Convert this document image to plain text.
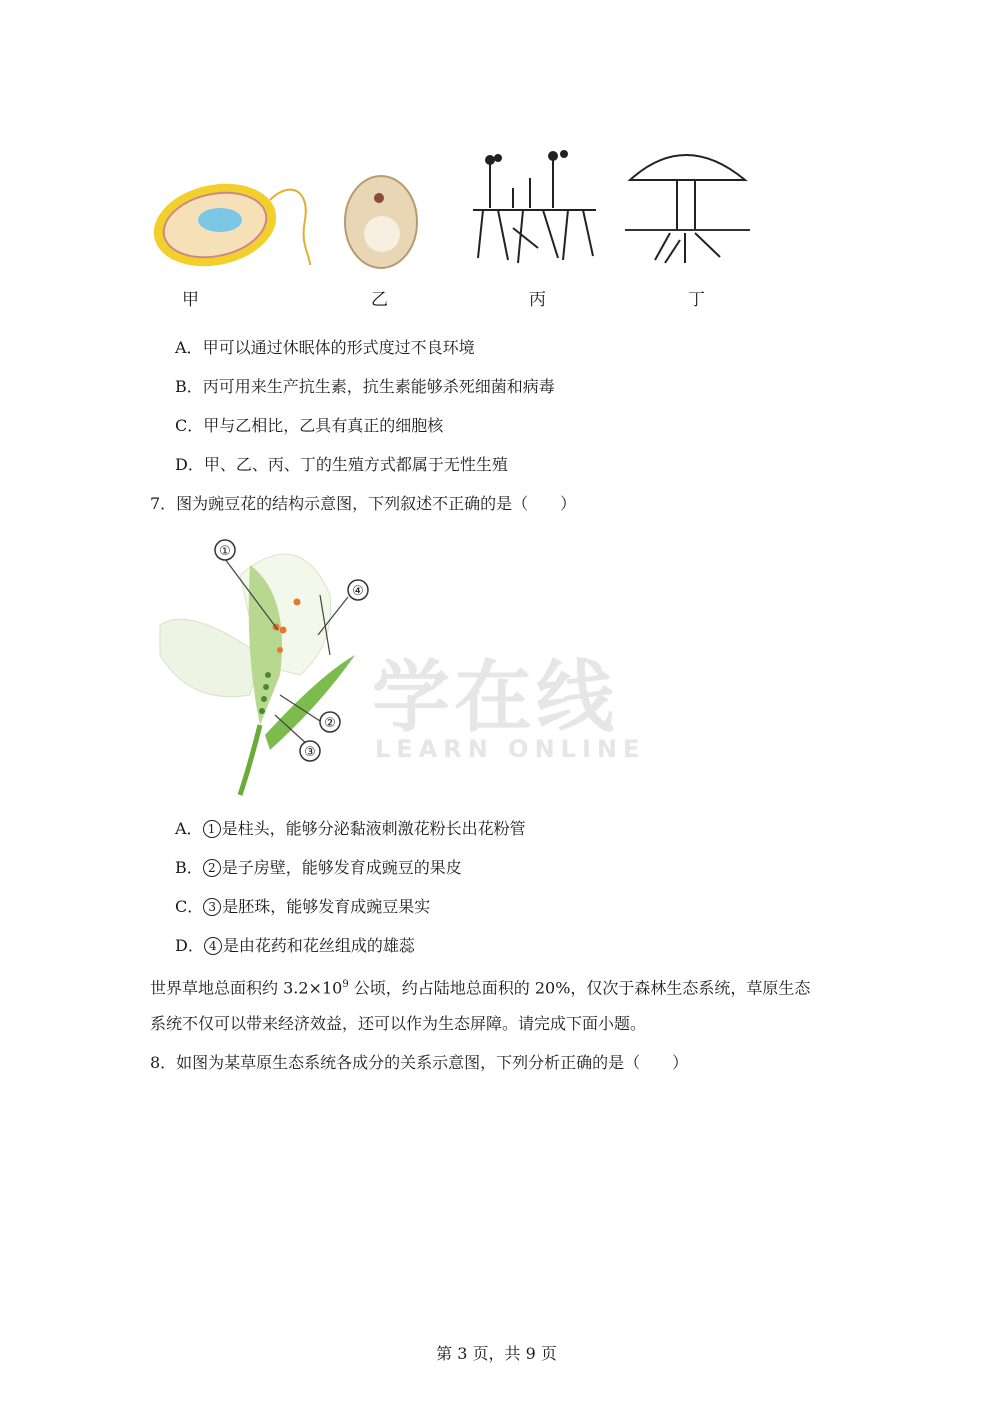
甲	乙	丙	丁
A．甲可以通过休眠体的形式度过不良环境
B．丙可用来生产抗生素，抗生素能够杀死细菌和病毒
C．甲与乙相比，乙具有真正的细胞核
D．甲、乙、丙、丁的生殖方式都属于无性生殖
7．图为豌豆花的结构示意图，下列叙述不正确的是（　　）
学在线
LEARN ONLINE
①
④
②
③
A． 1 是柱头，能够分泌黏液刺激花粉长出花粉管
B． 2 是子房壁，能够发育成豌豆的果皮
C． 3 是胚珠，能够发育成豌豆果实
D． 4 是由花药和花丝组成的雄蕊
世界草地总面积约 $3.2\times 10^9$ 公顷，约占陆地总面积的 20%，仅次于森林生态系统，草原生态
系统不仅可以带来经济效益，还可以作为生态屏障。请完成下面小题。
8．如图为某草原生态系统各成分的关系示意图，下列分析正确的是（　　）
第 3 页，共 9 页
